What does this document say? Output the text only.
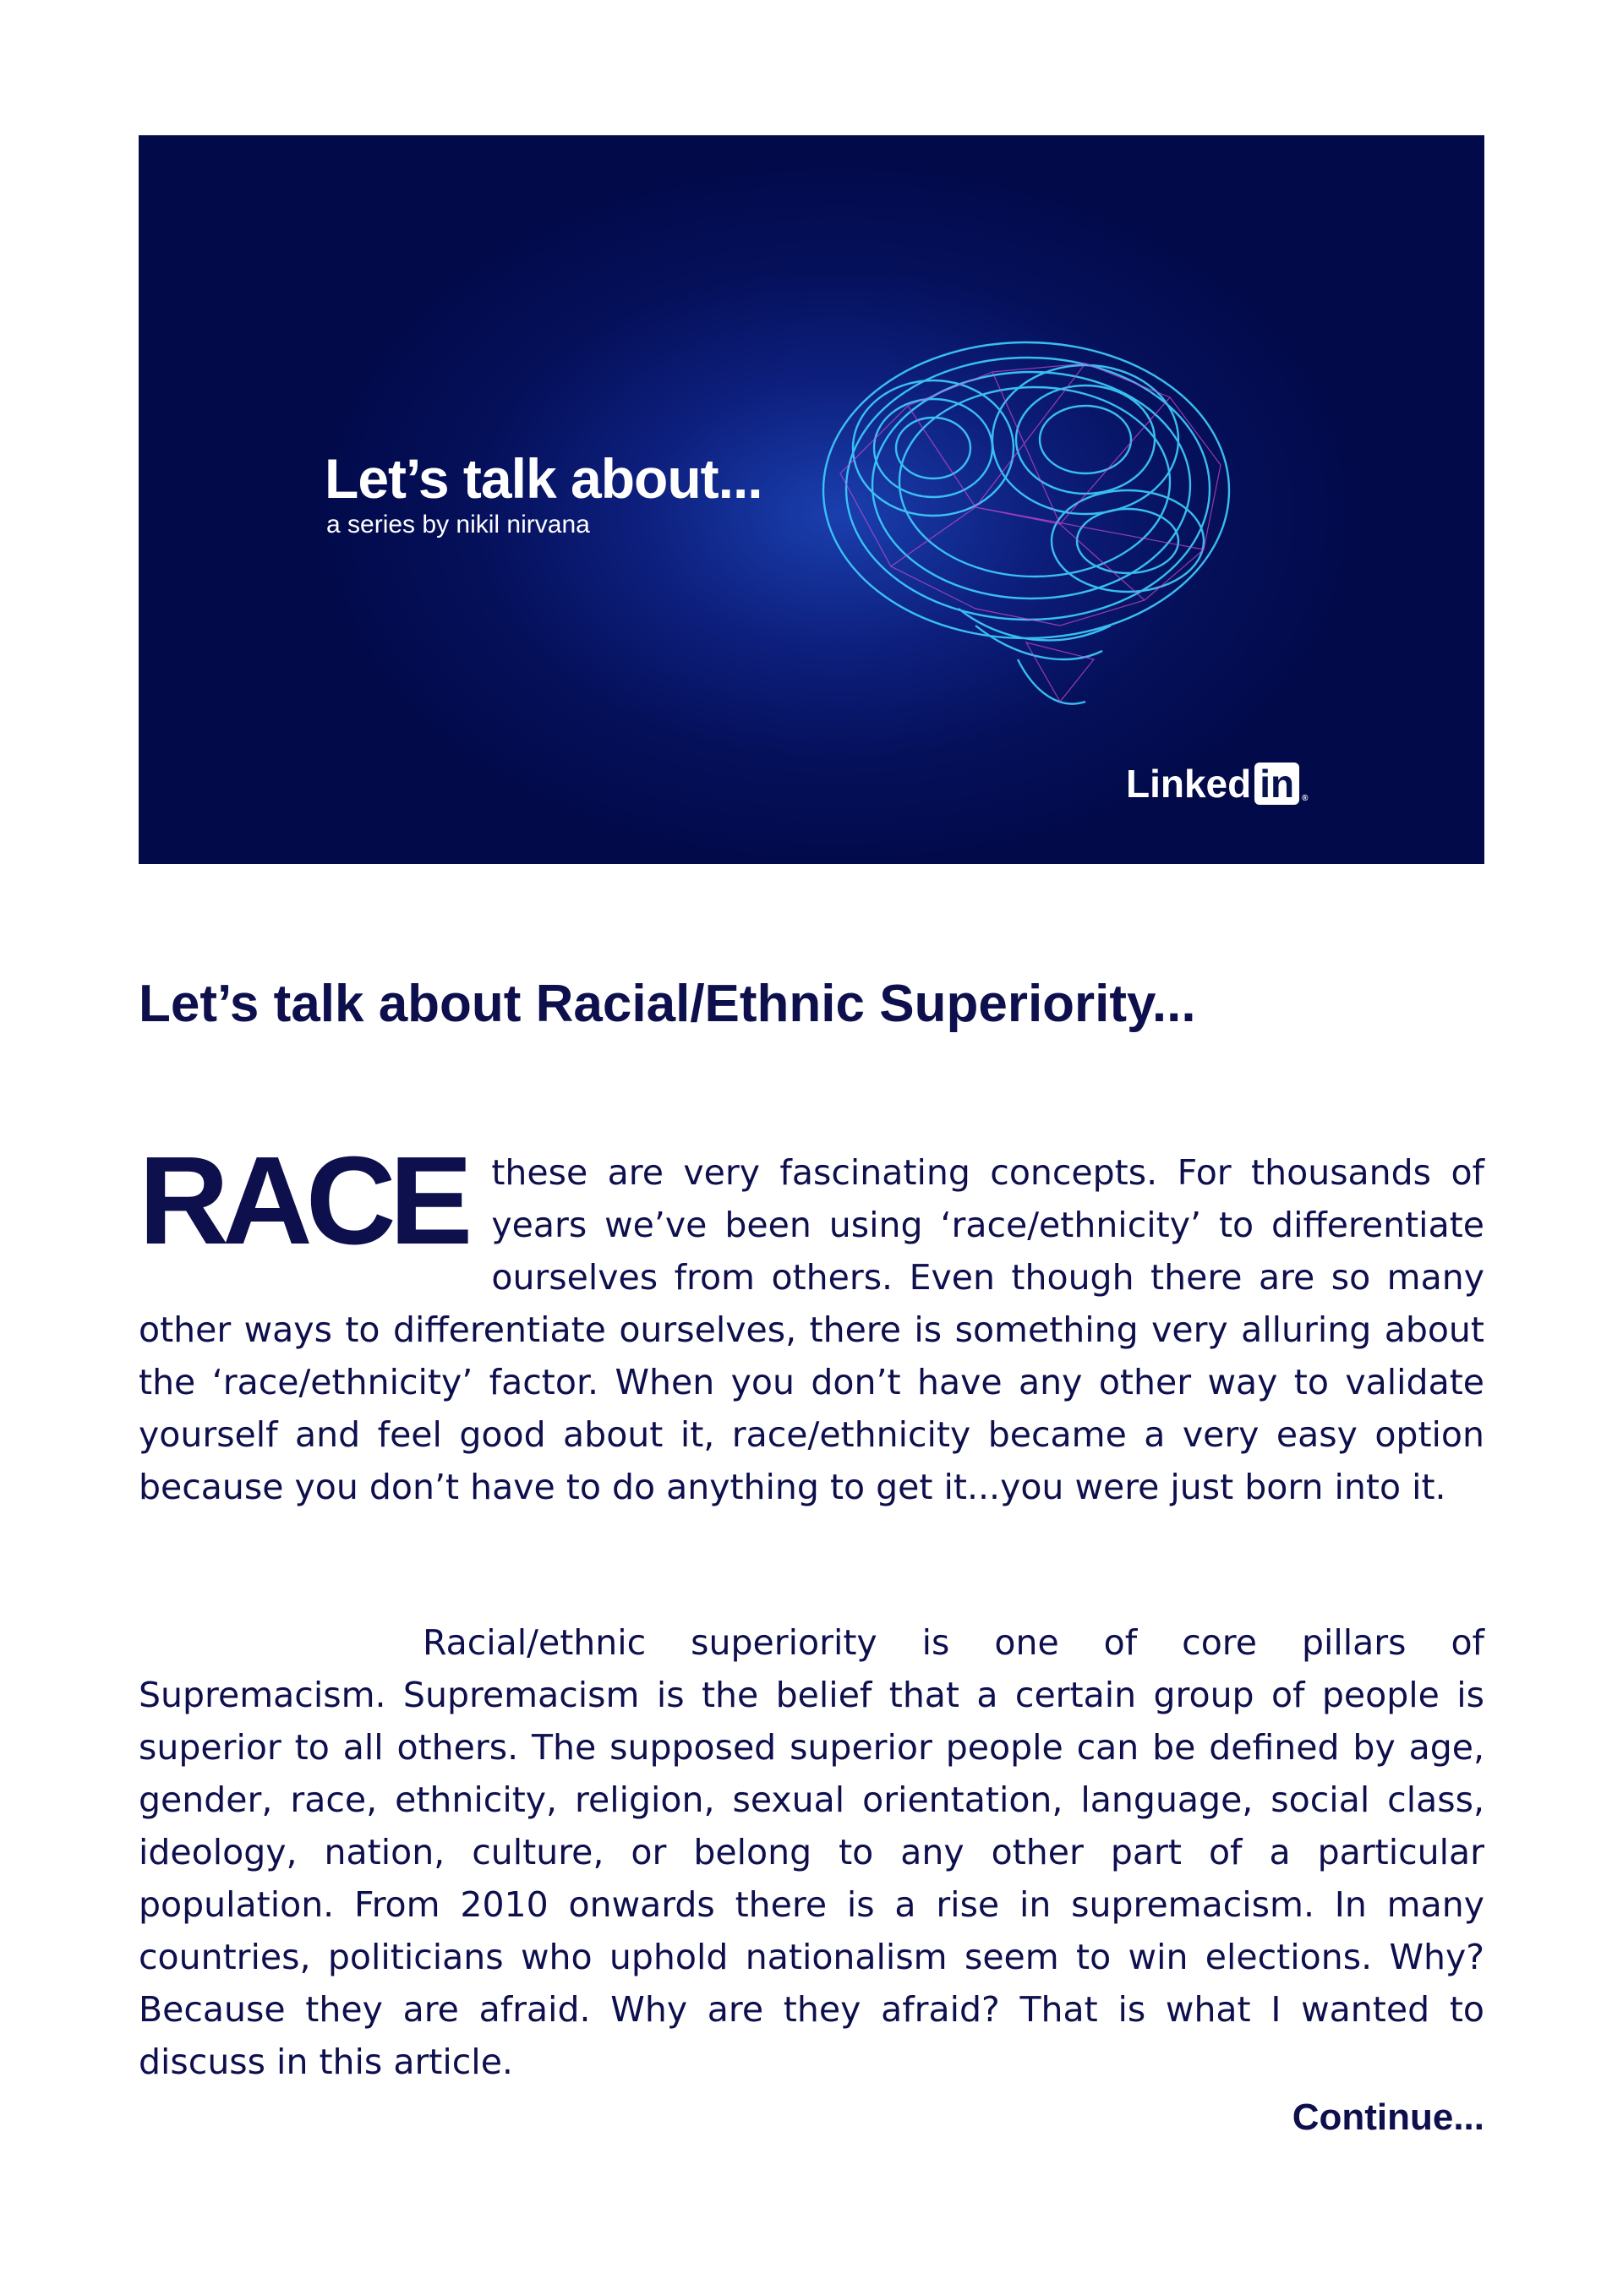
Let’s talk about...

a series by nikil nirvana

Linked in ®
Let’s talk about Racial/Ethnic Superiority...

RACE these are very fascinating concepts. For thousands of years we’ve been using ‘race/ethnicity’ to differentiate ourselves from others. Even though there are so many other ways to differentiate ourselves, there is something very alluring about the ‘race/ethnicity’ factor. When you don’t have any other way to validate yourself and feel good about it, race/ethnicity became a very easy option because you don’t have to do anything to get it...you were just born into it.

Racial/ethnic superiority is one of core pillars of Supremacism. Supremacism is the belief that a certain group of people is superior to all others. The supposed superior people can be defined by age, gender, race, ethnicity, religion, sexual orientation, language, social class, ideology, nation, culture, or belong to any other part of a particular population. From 2010 onwards there is a rise in supremacism. In many countries, politicians who uphold nationalism seem to win elections. Why? Because they are afraid. Why are they afraid? That is what I wanted to discuss in this article.

Continue...
